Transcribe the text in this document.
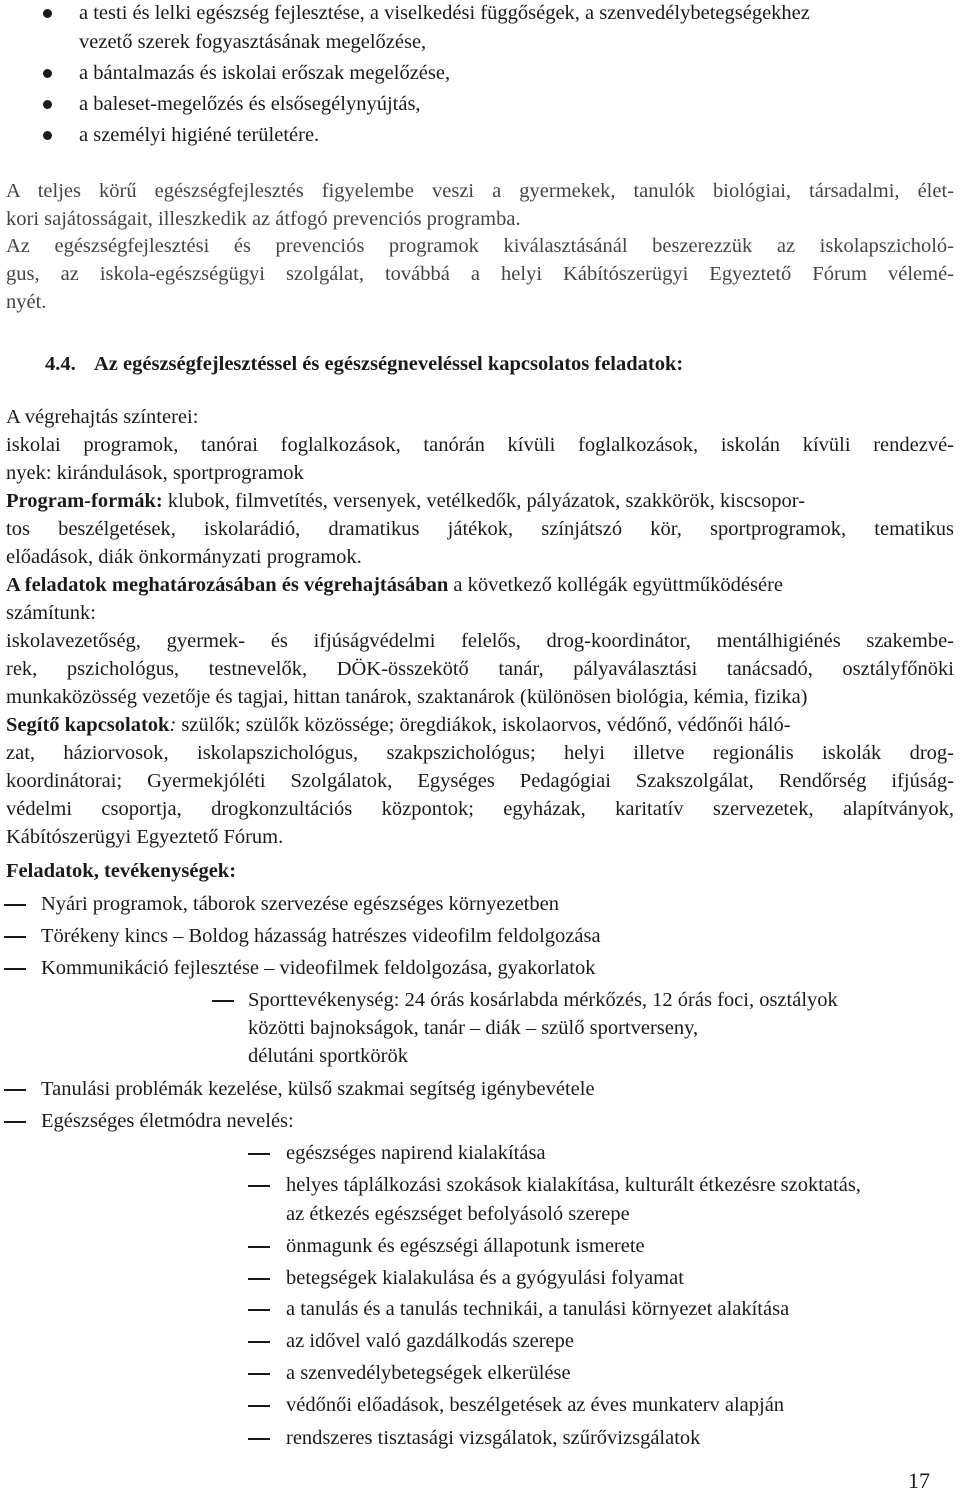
a testi és lelki egészség fejlesztése, a viselkedési függőségek, a szenvedélybetegségekhez
vezető szerek fogyasztásának megelőzése,
a bántalmazás és iskolai erőszak megelőzése,
a baleset-megelőzés és elsősegélynyújtás,
a személyi higiéné területére.
A teljes körű egészségfejlesztés figyelembe veszi a gyermekek, tanulók biológiai, társadalmi, élet-
kori sajátosságait, illeszkedik az átfogó prevenciós programba.
Az egészségfejlesztési és prevenciós programok kiválasztásánál beszerezzük az iskolapszicholó-
gus, az iskola-egészségügyi szolgálat, továbbá a helyi Kábítószerügyi Egyeztető Fórum vélemé-
nyét.
4.4. Az egészségfejlesztéssel és egészségneveléssel kapcsolatos feladatok:
A végrehajtás színterei:
iskolai programok, tanórai foglalkozások, tanórán kívüli foglalkozások, iskolán kívüli rendezvé-
nyek: kirándulások, sportprogramok
Program-formák: klubok, filmvetítés, versenyek, vetélkedők, pályázatok, szakkörök, kiscsopor-
tos beszélgetések, iskolarádió, dramatikus játékok, színjátszó kör, sportprogramok, tematikus
előadások, diák önkormányzati programok.
A feladatok meghatározásában és végrehajtásában a következő kollégák együttműködésére
számítunk:
iskolavezetőség, gyermek- és ifjúságvédelmi felelős, drog-koordinátor, mentálhigiénés szakembe-
rek, pszichológus, testnevelők, DÖK-összekötő tanár, pályaválasztási tanácsadó, osztályfőnöki
munkaközösség vezetője és tagjai, hittan tanárok, szaktanárok (különösen biológia, kémia, fizika)
Segítő kapcsolatok: szülők; szülők közössége; öregdiákok, iskolaorvos, védőnő, védőnői háló-
zat, háziorvosok, iskolapszichológus, szakpszichológus; helyi illetve regionális iskolák drog-
koordinátorai; Gyermekjóléti Szolgálatok, Egységes Pedagógiai Szakszolgálat, Rendőrség ifjúság-
védelmi csoportja, drogkonzultációs központok; egyházak, karitatív szervezetek, alapítványok,
Kábítószerügyi Egyeztető Fórum.
Feladatok, tevékenységek:
Nyári programok, táborok szervezése egészséges környezetben
Törékeny kincs – Boldog házasság hatrészes videofilm feldolgozása
Kommunikáció fejlesztése – videofilmek feldolgozása, gyakorlatok
Sporttevékenység: 24 órás kosárlabda mérkőzés, 12 órás foci, osztályok
közötti bajnokságok, tanár – diák – szülő sportverseny,
délutáni sportkörök
Tanulási problémák kezelése, külső szakmai segítség igénybevétele
Egészséges életmódra nevelés:
egészséges napirend kialakítása
helyes táplálkozási szokások kialakítása, kulturált étkezésre szoktatás,
az étkezés egészséget befolyásoló szerepe
önmagunk és egészségi állapotunk ismerete
betegségek kialakulása és a gyógyulási folyamat
a tanulás és a tanulás technikái, a tanulási környezet alakítása
az idővel való gazdálkodás szerepe
a szenvedélybetegségek elkerülése
védőnői előadások, beszélgetések az éves munkaterv alapján
rendszeres tisztasági vizsgálatok, szűrővizsgálatok
17
